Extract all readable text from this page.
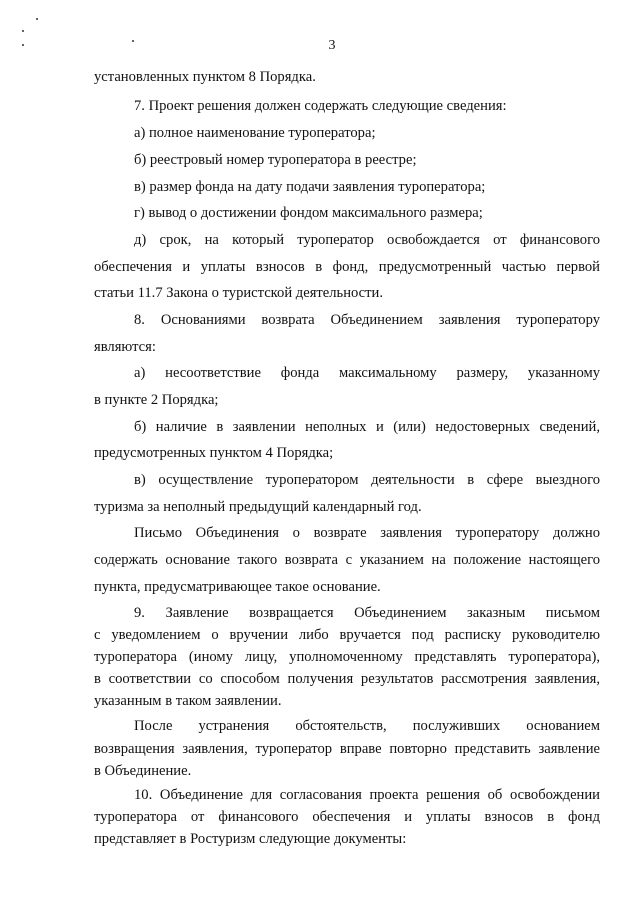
3

установленных пунктом 8 Порядка.

7. Проект решения должен содержать следующие сведения:

а) полное наименование туроператора;

б) реестровый номер туроператора в реестре;

в) размер фонда на дату подачи заявления туроператора;

г) вывод о достижении фондом максимального размера;

д) срок, на который туроператор освобождается от финансового

обеспечения и уплаты взносов в фонд, предусмотренный частью первой

статьи 11.7 Закона о туристской деятельности.

8. Основаниями возврата Объединением заявления туроператору

являются:

а) несоответствие фонда максимальному размеру, указанному

в пункте 2 Порядка;

б) наличие в заявлении неполных и (или) недостоверных сведений,

предусмотренных пунктом 4 Порядка;

в) осуществление туроператором деятельности в сфере выездного

туризма за неполный предыдущий календарный год.

Письмо Объединения о возврате заявления туроператору должно

содержать основание такого возврата с указанием на положение настоящего

пункта, предусматривающее такое основание.

9. Заявление возвращается Объединением заказным письмом

с уведомлением о вручении либо вручается под расписку руководителю

туроператора (иному лицу, уполномоченному представлять туроператора),

в соответствии со способом получения результатов рассмотрения заявления,

указанным в таком заявлении.

После устранения обстоятельств, послуживших основанием

возвращения заявления, туроператор вправе повторно представить заявление

в Объединение.

10. Объединение для согласования проекта решения об освобождении

туроператора от финансового обеспечения и уплаты взносов в фонд

представляет в Ростуризм следующие документы:
